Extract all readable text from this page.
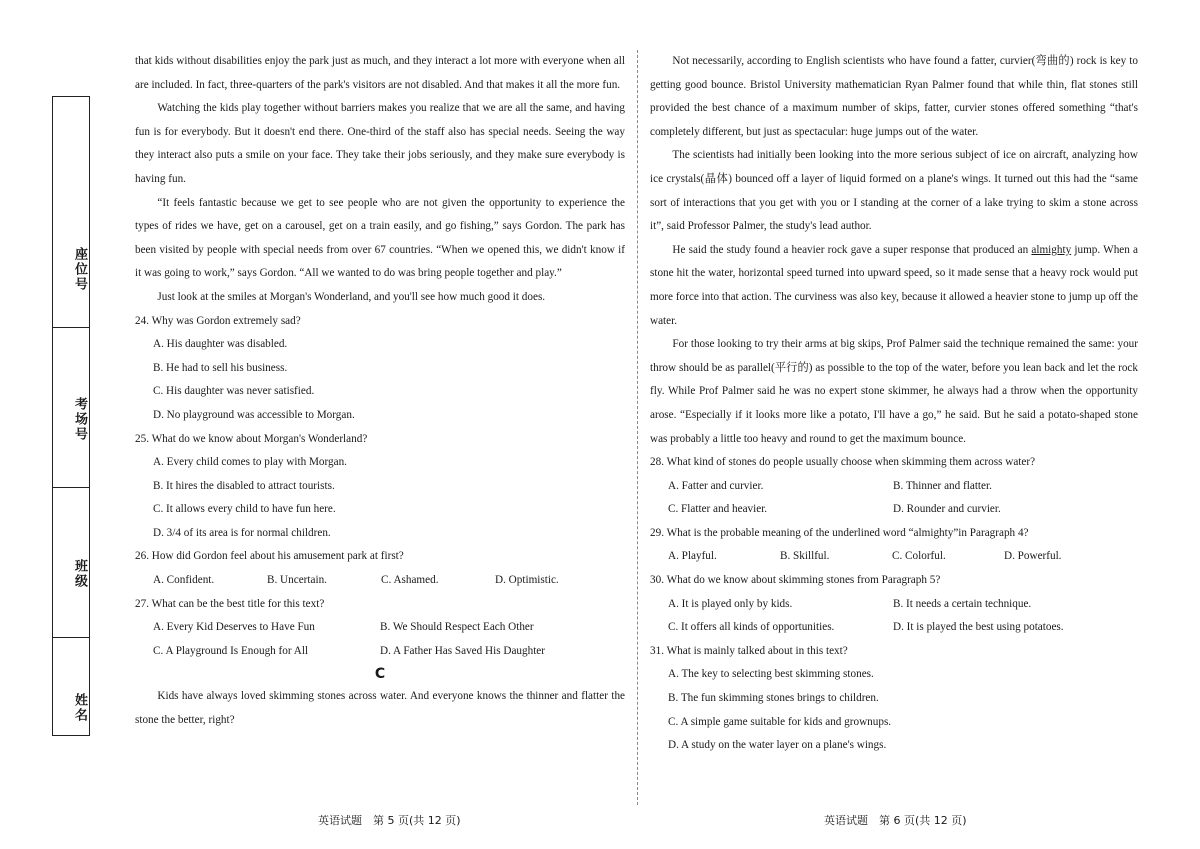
座位号
考场号
班级
姓名

that kids without disabilities enjoy the park just as much, and they interact a lot more with everyone when all are included. In fact, three-quarters of the park's visitors are not disabled. And that makes it all the more fun.

Watching the kids play together without barriers makes you realize that we are all the same, and having fun is for everybody. But it doesn't end there. One-third of the staff also has special needs. Seeing the way they interact also puts a smile on your face. They take their jobs seriously, and they make sure everybody is having fun.

“It feels fantastic because we get to see people who are not given the opportunity to experience the types of rides we have, get on a carousel, get on a train easily, and go fishing,” says Gordon. The park has been visited by people with special needs from over 67 countries. “When we opened this, we didn't know if it was going to work,” says Gordon. “All we wanted to do was bring people together and play.”

Just look at the smiles at Morgan's Wonderland, and you'll see how much good it does.

24. Why was Gordon extremely sad?
A. His daughter was disabled.
B. He had to sell his business.
C. His daughter was never satisfied.
D. No playground was accessible to Morgan.
25. What do we know about Morgan's Wonderland?
A. Every child comes to play with Morgan.
B. It hires the disabled to attract tourists.
C. It allows every child to have fun here.
D. 3/4 of its area is for normal children.
26. How did Gordon feel about his amusement park at first?
A. Confident.	B. Uncertain.	C. Ashamed.	D. Optimistic.
27. What can be the best title for this text?
A. Every Kid Deserves to Have Fun	B. We Should Respect Each Other
C. A Playground Is Enough for All	D. A Father Has Saved His Daughter
C

Kids have always loved skimming stones across water. And everyone knows the thinner and flatter the stone the better, right?

Not necessarily, according to English scientists who have found a fatter, curvier(弯曲的) rock is key to getting good bounce. Bristol University mathematician Ryan Palmer found that while thin, flat stones still provided the best chance of a maximum number of skips, fatter, curvier stones offered something “that's completely different, but just as spectacular: huge jumps out of the water.

The scientists had initially been looking into the more serious subject of ice on aircraft, analyzing how ice crystals(晶体) bounced off a layer of liquid formed on a plane's wings. It turned out this had the “same sort of interactions that you get with you or I standing at the corner of a lake trying to skim a stone across it”, said Professor Palmer, the study's lead author.

He said the study found a heavier rock gave a super response that produced an almighty jump. When a stone hit the water, horizontal speed turned into upward speed, so it made sense that a heavy rock would put more force into that action. The curviness was also key, because it allowed a heavier stone to jump up off the water.

For those looking to try their arms at big skips, Prof Palmer said the technique remained the same: your throw should be as parallel(平行的) as possible to the top of the water, before you lean back and let the rock fly. While Prof Palmer said he was no expert stone skimmer, he always had a throw when the opportunity arose. “Especially if it looks more like a potato, I'll have a go,” he said. But he said a potato-shaped stone was probably a little too heavy and round to get the maximum bounce.

28. What kind of stones do people usually choose when skimming them across water?
A. Fatter and curvier.	B. Thinner and flatter.
C. Flatter and heavier.	D. Rounder and curvier.
29. What is the probable meaning of the underlined word “almighty”in Paragraph 4?
A. Playful.	B. Skillful.	C. Colorful.	D. Powerful.
30. What do we know about skimming stones from Paragraph 5?
A. It is played only by kids.	B. It needs a certain technique.
C. It offers all kinds of opportunities.	D. It is played the best using potatoes.
31. What is mainly talked about in this text?
A. The key to selecting best skimming stones.
B. The fun skimming stones brings to children.
C. A simple game suitable for kids and grownups.
D. A study on the water layer on a plane's wings.
英语试题　第 5 页(共 12 页)	英语试题　第 6 页(共 12 页)
